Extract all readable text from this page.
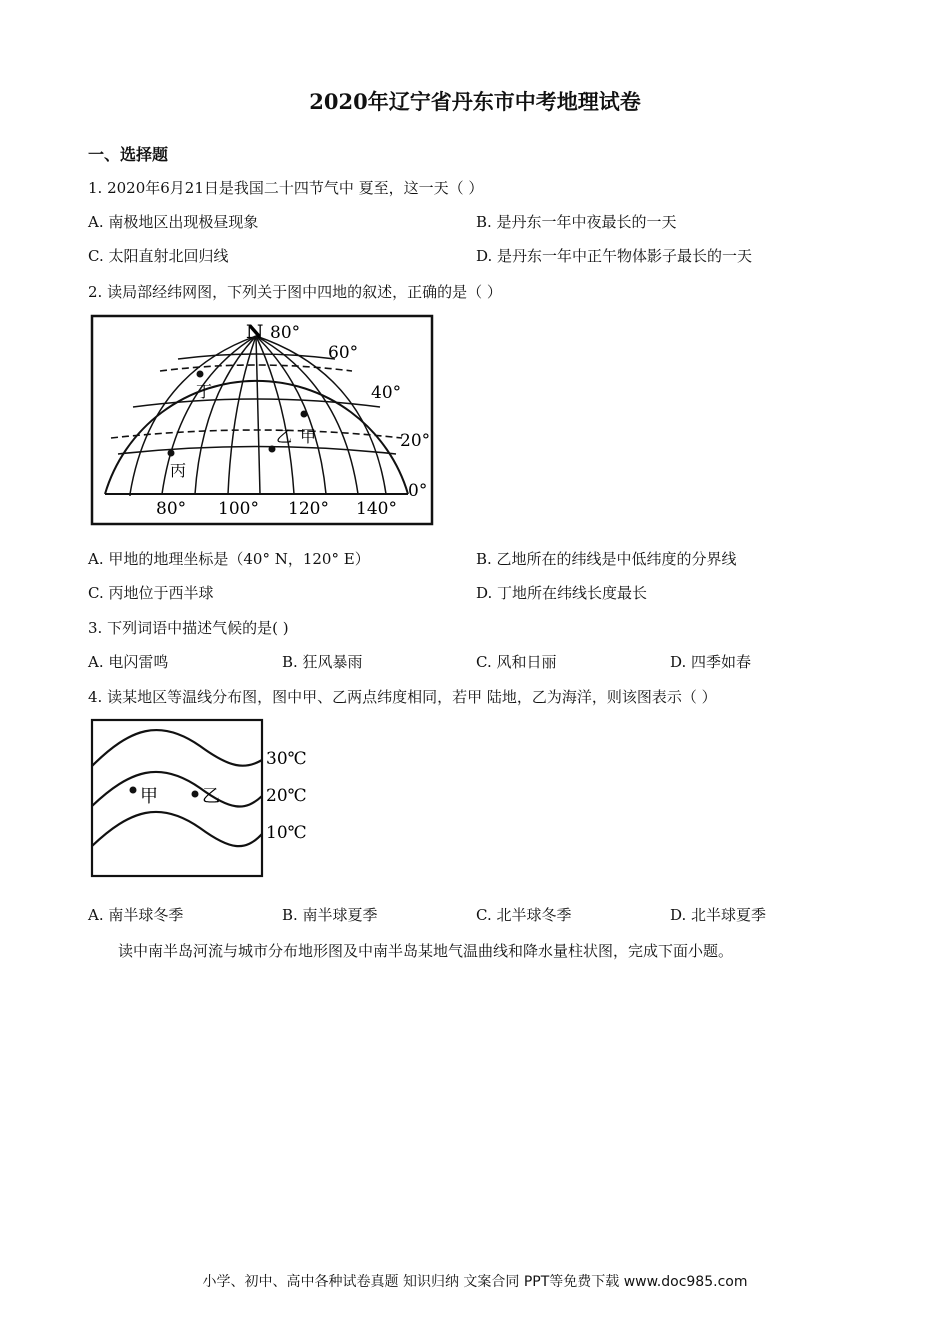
2020年辽宁省丹东市中考地理试卷
一、选择题
1. 2020年6月21日是我国二十四节气中 夏至，这一天（ ）
A. 南极地区出现极昼现象	B. 是丹东一年中夜最长的一天
C. 太阳直射北回归线	D. 是丹东一年中正午物体影子最长的一天
2. 读局部经纬网图，下列关于图中四地的叙述，正确的是（ ）
N 80°
60°
40°
20°
0°
80° 100° 120° 140°
丁
乙 甲
丙
A. 甲地的地理坐标是（40° N，120° E）	B. 乙地所在的纬线是中低纬度的分界线
C. 丙地位于西半球	D. 丁地所在纬线长度最长
3. 下列词语中描述气候的是( )
A. 电闪雷鸣	B. 狂风暴雨	C. 风和日丽	D. 四季如春
4. 读某地区等温线分布图，图中甲、乙两点纬度相同，若甲 陆地，乙为海洋，则该图表示（ ）
30℃
20℃
10℃
甲 乙
A. 南半球冬季	B. 南半球夏季	C. 北半球冬季	D. 北半球夏季
读中南半岛河流与城市分布地形图及中南半岛某地气温曲线和降水量柱状图，完成下面小题。
小学、初中、高中各种试卷真题 知识归纳 文案合同 PPT等免费下载 www.doc985.com
